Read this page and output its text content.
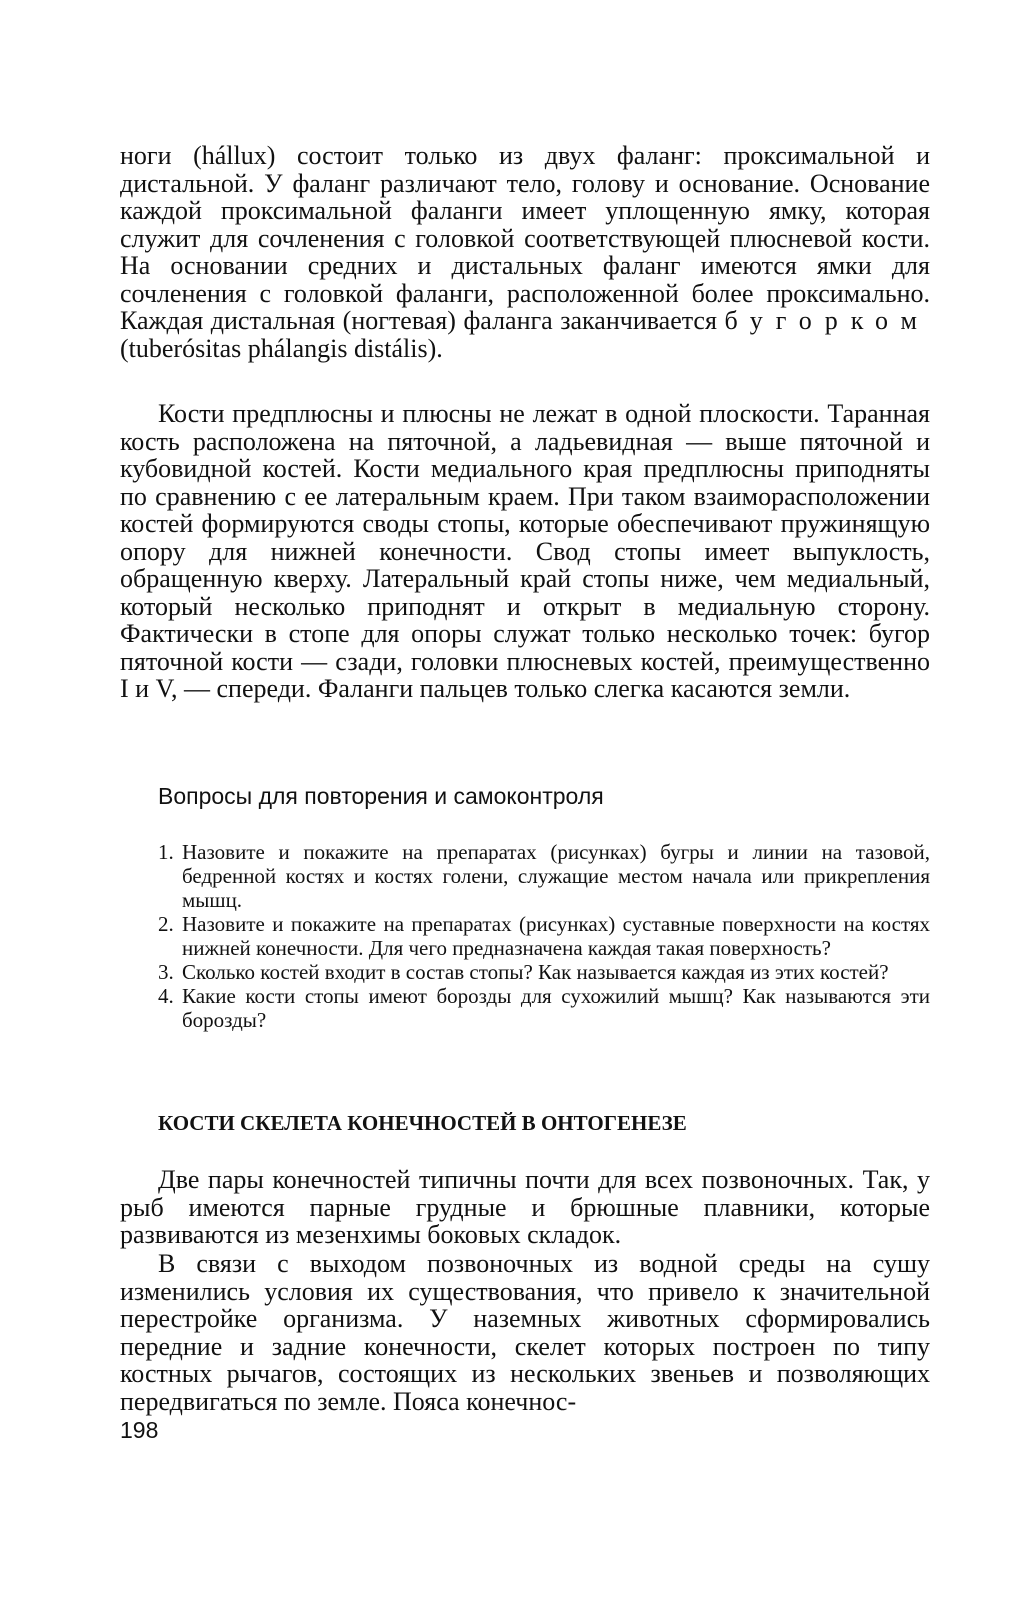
ноги (hállux) состоит только из двух фаланг: проксимальной и дистальной. У фаланг различают тело, голову и основание. Основание каждой проксимальной фаланги имеет уплощенную ямку, которая служит для сочленения с головкой соответствующей плюсневой кости. На основании средних и дистальных фаланг имеются ямки для сочленения с головкой фаланги, расположенной более проксимально. Каждая дистальная (ногтевая) фаланга заканчивается бугорком (tuberósitas phálangis distális).

Кости предплюсны и плюсны не лежат в одной плоскости. Таранная кость расположена на пяточной, а ладьевидная — выше пяточной и кубовидной костей. Кости медиального края предплюсны приподняты по сравнению с ее латеральным краем. При таком взаиморасположении костей формируются своды стопы, которые обеспечивают пружинящую опору для нижней конечности. Свод стопы имеет выпуклость, обращенную кверху. Латеральный край стопы ниже, чем медиальный, который несколько приподнят и открыт в медиальную сторону. Фактически в стопе для опоры служат только несколько точек: бугор пяточной кости — сзади, головки плюсневых костей, преимущественно I и V, — спереди. Фаланги пальцев только слегка касаются земли.

Вопросы для повторения и самоконтроля
1. Назовите и покажите на препаратах (рисунках) бугры и линии на тазовой, бедренной костях и костях голени, служащие местом начала или прикрепления мышц.
2. Назовите и покажите на препаратах (рисунках) суставные поверхности на костях нижней конечности. Для чего предназначена каждая такая поверхность?
3. Сколько костей входит в состав стопы? Как называется каждая из этих костей?
4. Какие кости стопы имеют борозды для сухожилий мышц? Как называются эти борозды?
КОСТИ СКЕЛЕТА КОНЕЧНОСТЕЙ В ОНТОГЕНЕЗЕ

Две пары конечностей типичны почти для всех позвоночных. Так, у рыб имеются парные грудные и брюшные плавники, которые развиваются из мезенхимы боковых складок.

В связи с выходом позвоночных из водной среды на сушу изменились условия их существования, что привело к значительной перестройке организма. У наземных животных сформировались передние и задние конечности, скелет которых построен по типу костных рычагов, состоящих из нескольких звеньев и позволяющих передвигаться по земле. Пояса конечнос-

198
